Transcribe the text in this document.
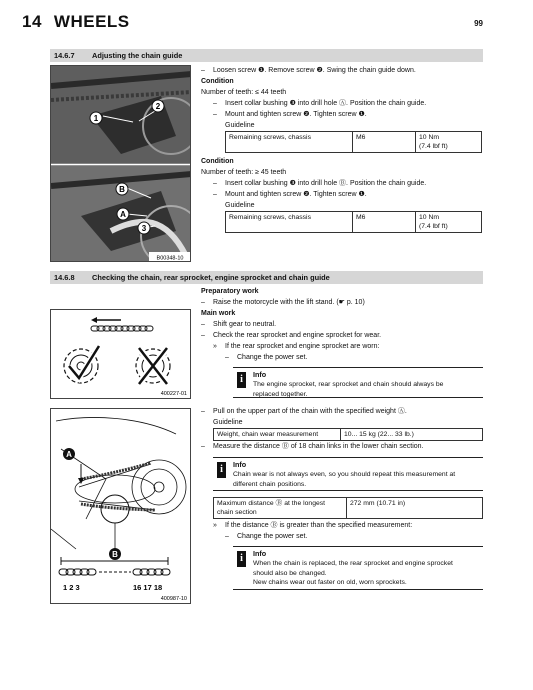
14 WHEELS	99
14.6.7 Adjusting the chain guide
1
2
B
A
3
B00348-10
– Loosen screw ❶. Remove screw ❷. Swing the chain guide down.
Condition
Number of teeth: ≤ 44 teeth
– Insert collar bushing ❸ into drill hole Ⓐ. Position the chain guide.
– Mount and tighten screw ❷. Tighten screw ❶.
Guideline
Remaining screws, chassis	M6	10 Nm
(7.4 lbf ft)
Condition
Number of teeth: ≥ 45 teeth
– Insert collar bushing ❸ into drill hole Ⓑ. Position the chain guide.
– Mount and tighten screw ❷. Tighten screw ❶.
Guideline
Remaining screws, chassis	M6	10 Nm
(7.4 lbf ft)
14.6.8 Checking the chain, rear sprocket, engine sprocket and chain guide
400227-01
Preparatory work
– Raise the motorcycle with the lift stand. (☛ p. 10)
Main work
– Shift gear to neutral.
– Check the rear sprocket and engine sprocket for wear.
» If the rear sprocket and engine sprocket are worn:
– Change the power set.
i	Info
The engine sprocket, rear sprocket and chain should always be
replaced together.
A
B
1 2 3	16 17 18
400987-10
– Pull on the upper part of the chain with the specified weight Ⓐ.
Guideline
Weight, chain wear measurement	10... 15 kg (22... 33 lb.)
– Measure the distance Ⓑ of 18 chain links in the lower chain section.
i	Info
Chain wear is not always even, so you should repeat this measurement at
different chain positions.
Maximum distance Ⓑ at the longest
chain section	272 mm (10.71 in)
» If the distance Ⓑ is greater than the specified measurement:
– Change the power set.
i	Info
When the chain is replaced, the rear sprocket and engine sprocket
should also be changed.
New chains wear out faster on old, worn sprockets.
